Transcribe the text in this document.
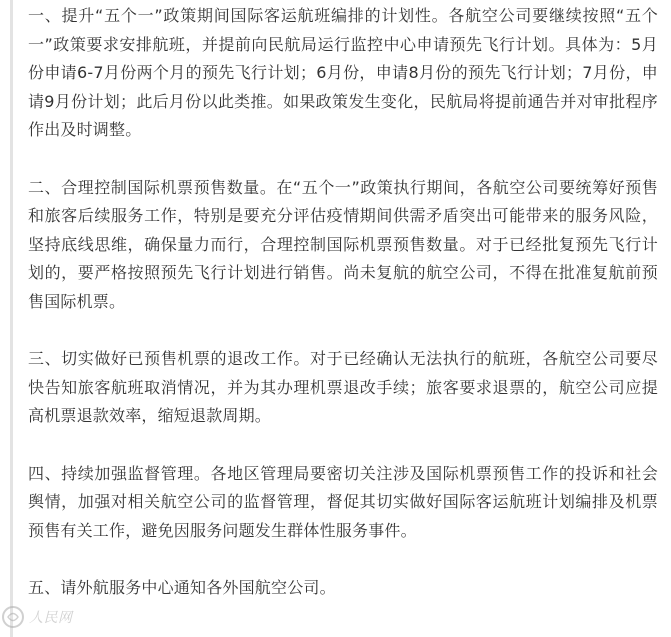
一、提升“五个一”政策期间国际客运航班编排的计划性。各航空公司要继续按照“五个一”政策要求安排航班，并提前向民航局运行监控中心申请预先飞行计划。具体为：5月份申请6-7月份两个月的预先飞行计划；6月份，申请8月份的预先飞行计划；7月份，申请9月份计划；此后月份以此类推。如果政策发生变化，民航局将提前通告并对审批程序作出及时调整。

二、合理控制国际机票预售数量。在“五个一”政策执行期间，各航空公司要统筹好预售和旅客后续服务工作，特别是要充分评估疫情期间供需矛盾突出可能带来的服务风险，坚持底线思维，确保量力而行，合理控制国际机票预售数量。对于已经批复预先飞行计划的，要严格按照预先飞行计划进行销售。尚未复航的航空公司，不得在批准复航前预售国际机票。

三、切实做好已预售机票的退改工作。对于已经确认无法执行的航班，各航空公司要尽快告知旅客航班取消情况，并为其办理机票退改手续；旅客要求退票的，航空公司应提高机票退款效率，缩短退款周期。

四、持续加强监督管理。各地区管理局要密切关注涉及国际机票预售工作的投诉和社会舆情，加强对相关航空公司的监督管理，督促其切实做好国际客运航班计划编排及机票预售有关工作，避免因服务问题发生群体性服务事件。

五、请外航服务中心通知各外国航空公司。

人民网
